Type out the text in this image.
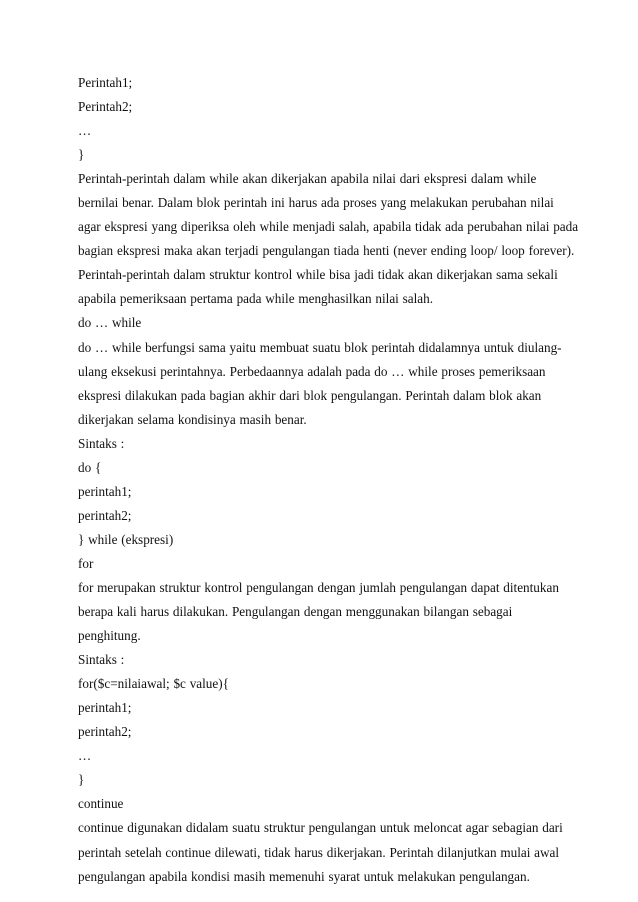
Perintah1;
Perintah2;
…
}
Perintah-perintah dalam while akan dikerjakan apabila nilai dari ekspresi dalam while
bernilai benar. Dalam blok perintah ini harus ada proses yang melakukan perubahan nilai
agar ekspresi yang diperiksa oleh while menjadi salah, apabila tidak ada perubahan nilai pada
bagian ekspresi maka akan terjadi pengulangan tiada henti (never ending loop/ loop forever).
Perintah-perintah dalam struktur kontrol while bisa jadi tidak akan dikerjakan sama sekali
apabila pemeriksaan pertama pada while menghasilkan nilai salah.
do … while
do … while berfungsi sama yaitu membuat suatu blok perintah didalamnya untuk diulang-
ulang eksekusi perintahnya. Perbedaannya adalah pada do … while proses pemeriksaan
ekspresi dilakukan pada bagian akhir dari blok pengulangan. Perintah dalam blok akan
dikerjakan selama kondisinya masih benar.
Sintaks :
do {
perintah1;
perintah2;
} while (ekspresi)
for
for merupakan struktur kontrol pengulangan dengan jumlah pengulangan dapat ditentukan
berapa kali harus dilakukan. Pengulangan dengan menggunakan bilangan sebagai
penghitung.
Sintaks :
for($c=nilaiawal; $c value){
perintah1;
perintah2;
…
}
continue
continue digunakan didalam suatu struktur pengulangan untuk meloncat agar sebagian dari
perintah setelah continue dilewati, tidak harus dikerjakan. Perintah dilanjutkan mulai awal
pengulangan apabila kondisi masih memenuhi syarat untuk melakukan pengulangan.
